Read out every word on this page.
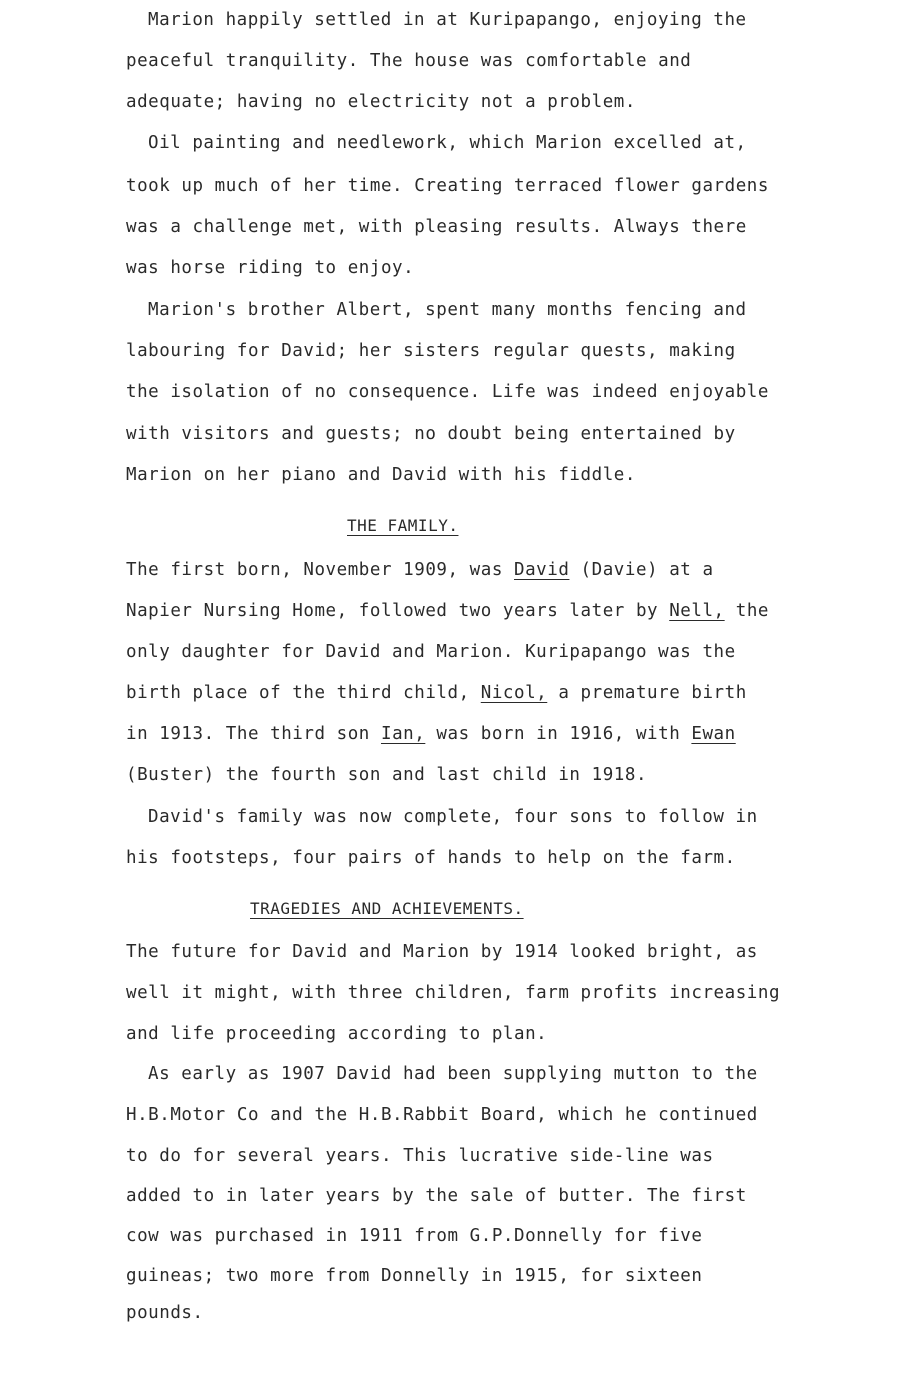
Marion happily settled in at Kuripapango, enjoying the
peaceful tranquility. The house was comfortable and
adequate; having no electricity not a problem.
Oil painting and needlework, which Marion excelled at,
took up much of her time. Creating terraced flower gardens
was a challenge met, with pleasing results. Always there
was horse riding to enjoy.
Marion's brother Albert, spent many months fencing and
labouring for David; her sisters regular quests, making
the isolation of no consequence. Life was indeed enjoyable
with visitors and guests; no doubt being entertained by
Marion on her piano and David with his fiddle.
THE FAMILY.
The first born, November 1909, was David (Davie) at a
Napier Nursing Home, followed two years later by Nell, the
only daughter for David and Marion. Kuripapango was the
birth place of the third child, Nicol, a premature birth
in 1913. The third son Ian, was born in 1916, with Ewan
(Buster) the fourth son and last child in 1918.
David's family was now complete, four sons to follow in
his footsteps, four pairs of hands to help on the farm.
TRAGEDIES AND ACHIEVEMENTS.
The future for David and Marion by 1914 looked bright, as
well it might, with three children, farm profits increasing
and life proceeding according to plan.
As early as 1907 David had been supplying mutton to the
H.B.Motor Co and the H.B.Rabbit Board, which he continued
to do for several years. This lucrative side-line was
added to in later years by the sale of butter. The first
cow was purchased in 1911 from G.P.Donnelly for five
guineas; two more from Donnelly in 1915, for sixteen
pounds.
